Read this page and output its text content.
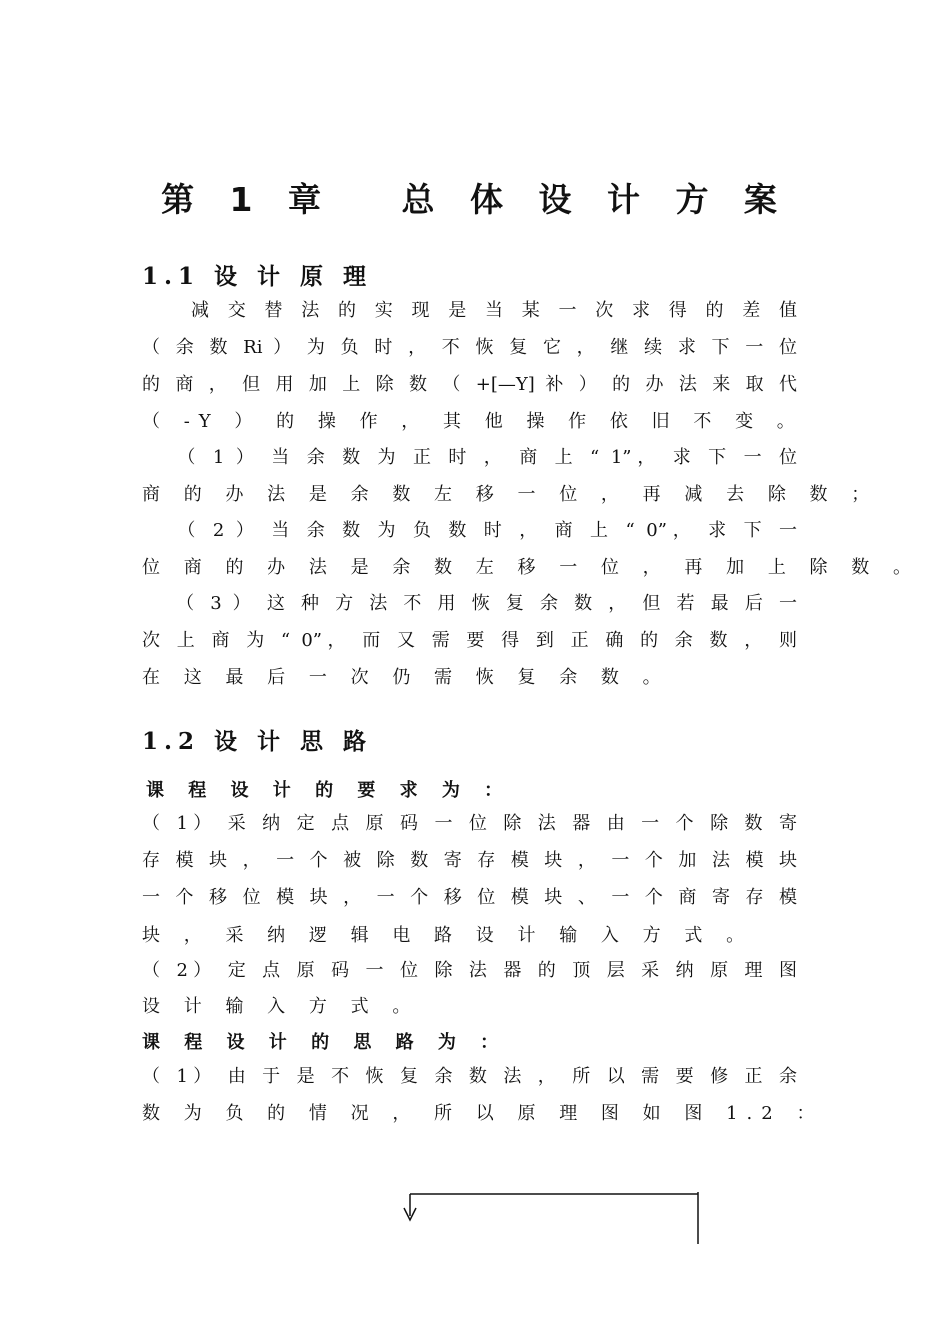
第 1 章　 总 体 设 计 方 案
1.1 设 计 原 理
　　减 交 替 法 的 实 现 是 当 某 一 次 求 得 的 差 值
（ 余 数 Ri ） 为 负 时 ， 不 恢 复 它 ， 继 续 求 下 一 位
的 商 ， 但 用 加 上 除 数 （ +[—Y] 补 ） 的 办 法 来 取 代
（ -Y ） 的 操 作 ， 其 他 操 作 依 旧 不 变 。
　 （ 1 ） 当 余 数 为 正 时 ， 商 上 “ 1”， 求 下 一 位
商 的 办 法 是 余 数 左 移 一 位 ， 再 减 去 除 数 ；
　 （ 2 ） 当 余 数 为 负 数 时 ， 商 上 “ 0”， 求 下 一
位 商 的 办 法 是 余 数 左 移 一 位 ， 再 加 上 除 数 。
　 （ 3 ） 这 种 方 法 不 用 恢 复 余 数 ， 但 若 最 后 一
次 上 商 为 “ 0”， 而 又 需 要 得 到 正 确 的 余 数 ， 则
在 这 最 后 一 次 仍 需 恢 复 余 数 。
1.2 设 计 思 路
课 程 设 计 的 要 求 为 ：
（ 1） 采 纳 定 点 原 码 一 位 除 法 器 由 一 个 除 数 寄
存 模 块 ， 一 个 被 除 数 寄 存 模 块 ， 一 个 加 法 模 块
一 个 移 位 模 块 ， 一 个 移 位 模 块 、 一 个 商 寄 存 模
块 ， 采 纳 逻 辑 电 路 设 计 输 入 方 式 。
（ 2） 定 点 原 码 一 位 除 法 器 的 顶 层 采 纳 原 理 图
设 计 输 入 方 式 。
课 程 设 计 的 思 路 为 ：
（ 1） 由 于 是 不 恢 复 余 数 法 ， 所 以 需 要 修 正 余
数 为 负 的 情 况 ， 所 以 原 理 图 如 图 1.2 ：
